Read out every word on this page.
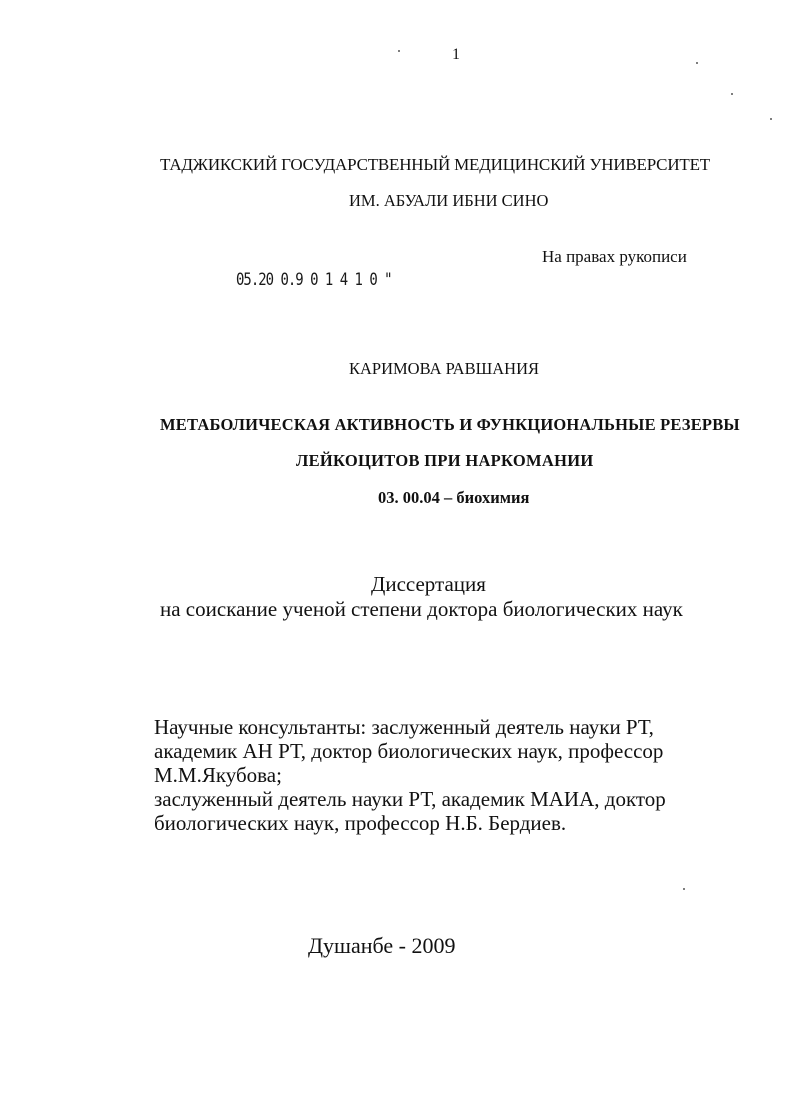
1
ТАДЖИКСКИЙ ГОСУДАРСТВЕННЫЙ МЕДИЦИНСКИЙ УНИВЕРСИТЕТ
ИМ. АБУАЛИ ИБНИ СИНО
На правах рукописи
05.20 0.9 0 1 4 1 0 "
КАРИМОВА РАВШАНИЯ
МЕТАБОЛИЧЕСКАЯ АКТИВНОСТЬ И ФУНКЦИОНАЛЬНЫЕ РЕЗЕРВЫ
ЛЕЙКОЦИТОВ ПРИ НАРКОМАНИИ
03. 00.04 – биохимия
Диссертация
на соискание ученой степени доктора биологических наук
Научные консультанты: заслуженный деятель науки РТ,
академик АН РТ, доктор биологических наук, профессор
М.М.Якубова;
заслуженный деятель науки РТ, академик МАИА, доктор
биологических наук, профессор Н.Б. Бердиев.
Душанбе - 2009
